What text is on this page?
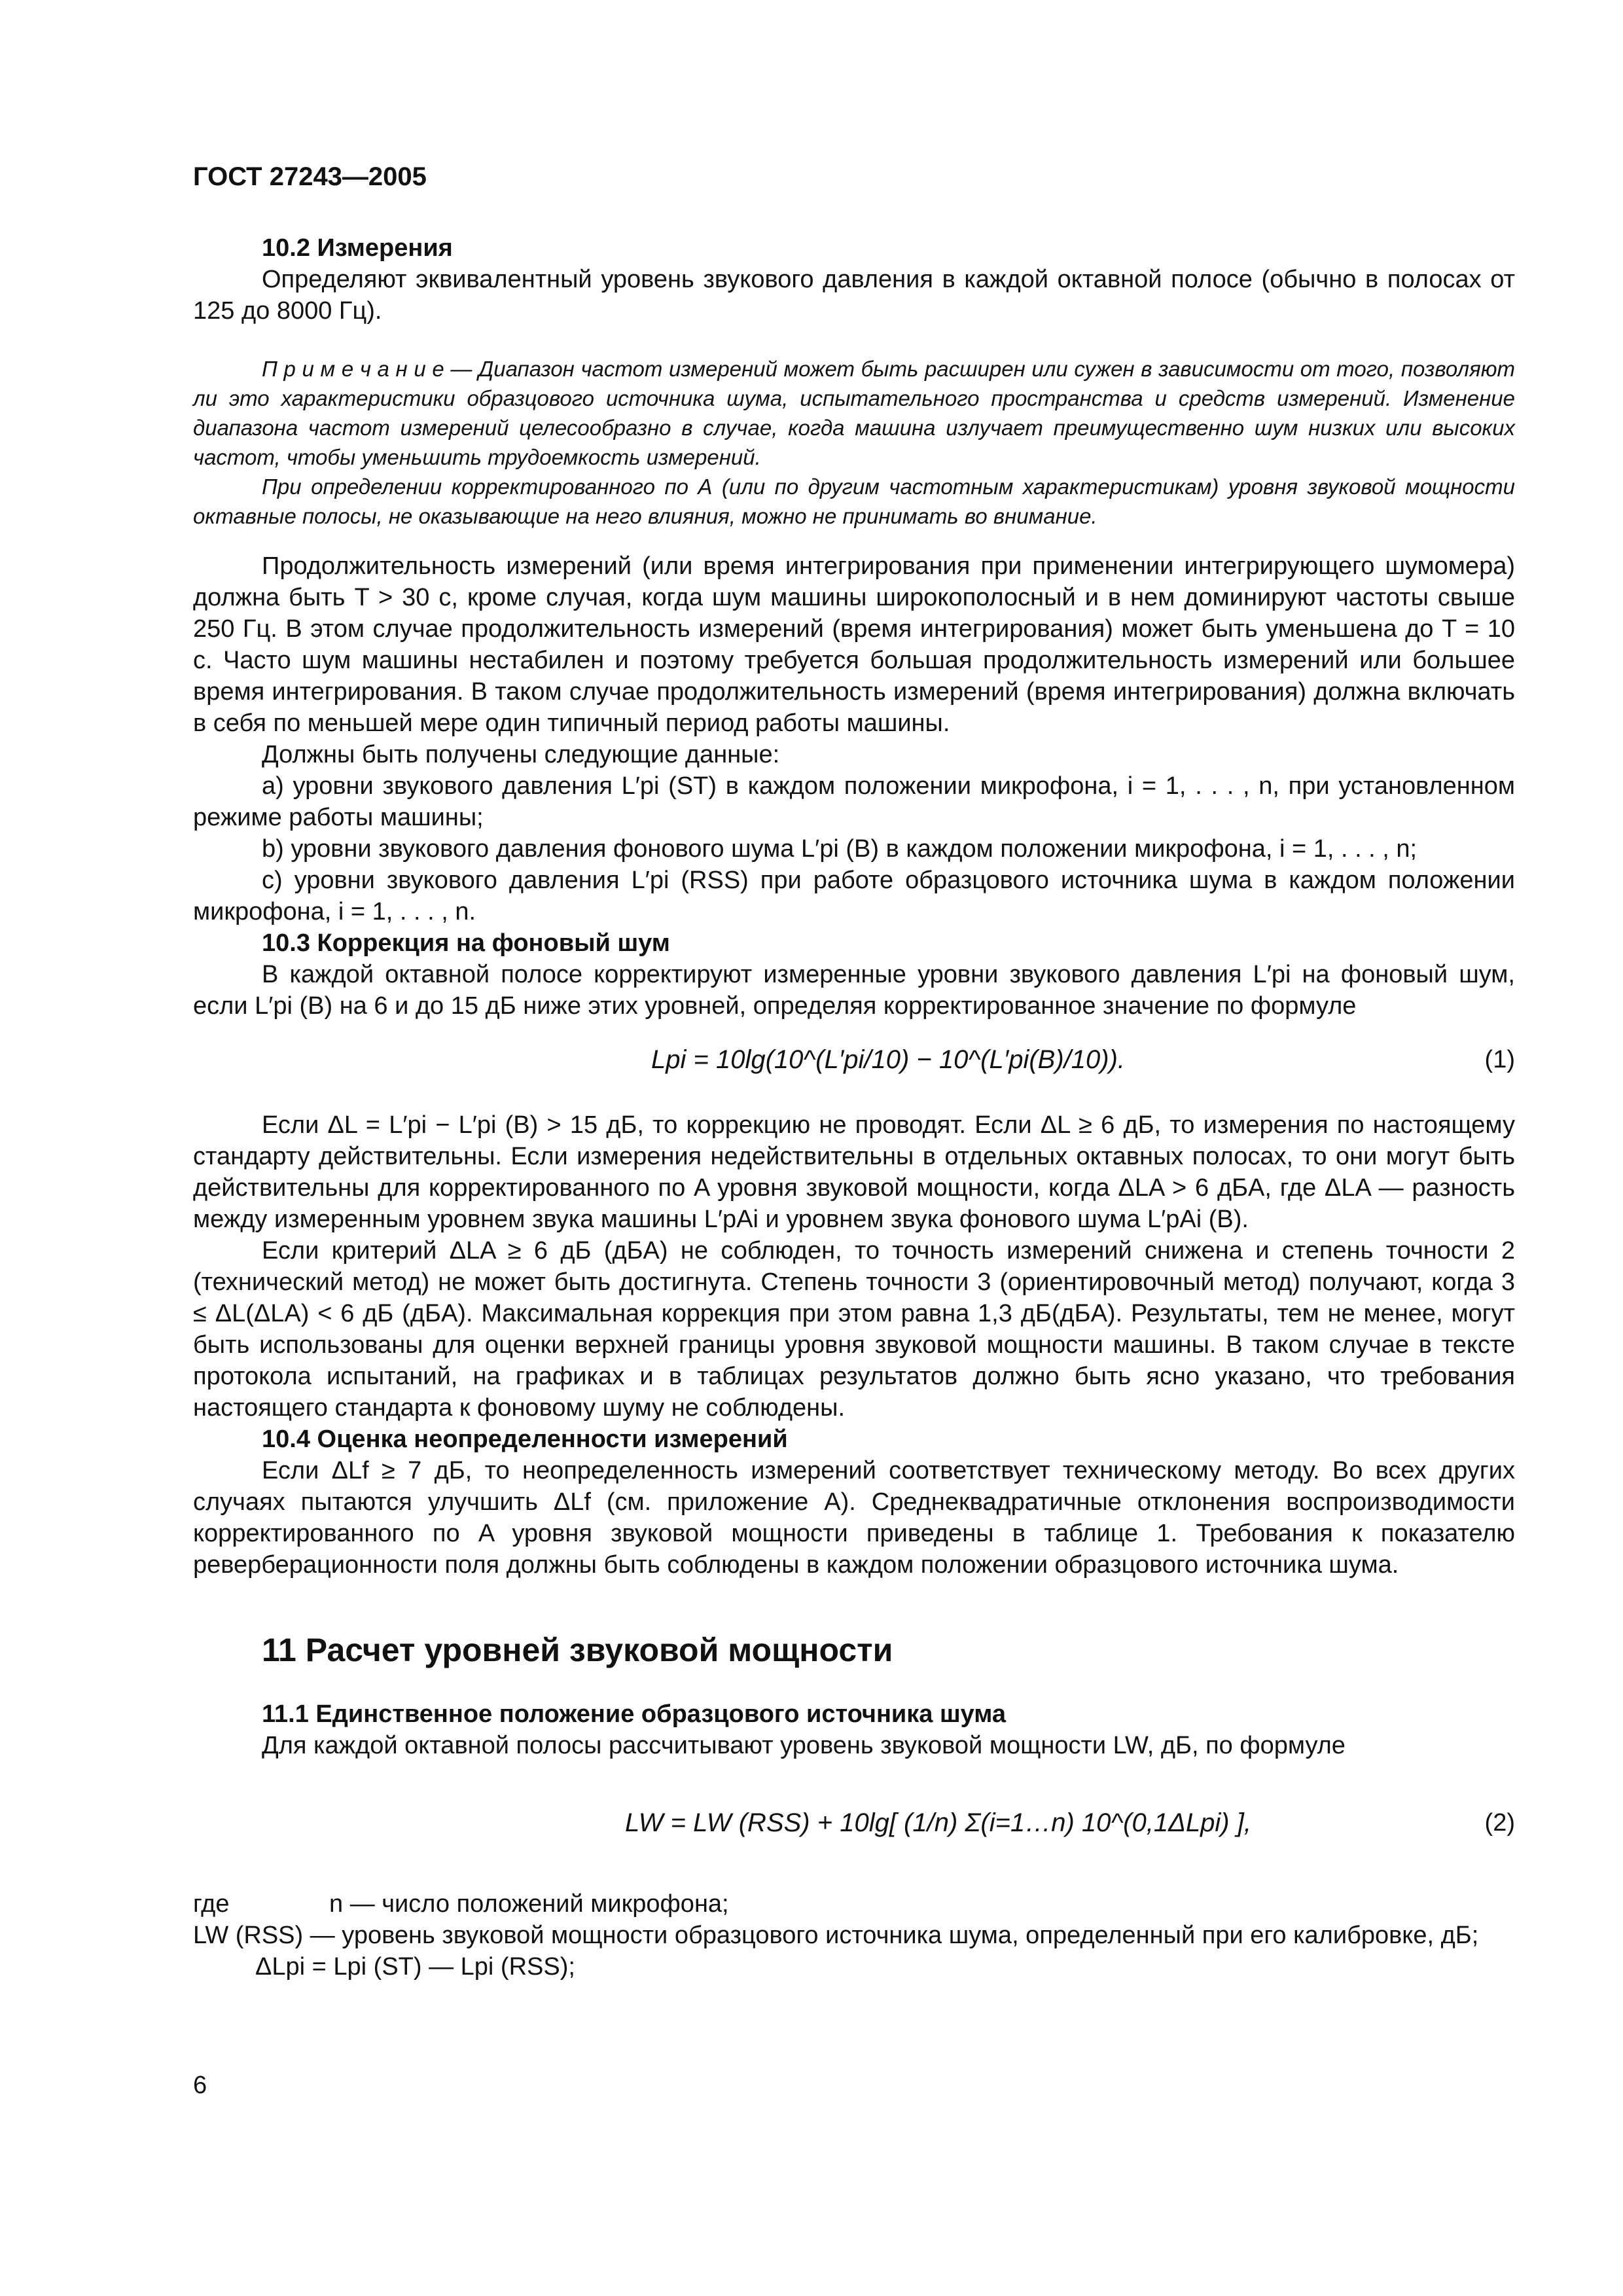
ГОСТ 27243—2005

10.2 Измерения

Определяют эквивалентный уровень звукового давления в каждой октавной полосе (обычно в полосах от 125 до 8000 Гц).

П р и м е ч а н и е — Диапазон частот измерений может быть расширен или сужен в зависимости от того, позволяют ли это характеристики образцового источника шума, испытательного пространства и средств измерений. Изменение диапазона частот измерений целесообразно в случае, когда машина излучает преимущественно шум низких или высоких частот, чтобы уменьшить трудоемкость измерений.

При определении корректированного по А (или по другим частотным характеристикам) уровня звуковой мощности октавные полосы, не оказывающие на него влияния, можно не принимать во внимание.

Продолжительность измерений (или время интегрирования при применении интегрирующего шумомера) должна быть T > 30 с, кроме случая, когда шум машины широкополосный и в нем доминируют частоты свыше 250 Гц. В этом случае продолжительность измерений (время интегрирования) может быть уменьшена до T = 10 с. Часто шум машины нестабилен и поэтому требуется большая продолжительность измерений или большее время интегрирования. В таком случае продолжительность измерений (время интегрирования) должна включать в себя по меньшей мере один типичный период работы машины.

Должны быть получены следующие данные:

a) уровни звукового давления L′pi (ST) в каждом положении микрофона, i = 1, . . . , n, при установленном режиме работы машины;

b) уровни звукового давления фонового шума L′pi (B) в каждом положении микрофона, i = 1, . . . , n;

c) уровни звукового давления L′pi (RSS) при работе образцового источника шума в каждом положении микрофона, i = 1, . . . , n.

10.3 Коррекция на фоновый шум

В каждой октавной полосе корректируют измеренные уровни звукового давления L′pi на фоновый шум, если L′pi (B) на 6 и до 15 дБ ниже этих уровней, определяя корректированное значение по формуле

Lpi = 10lg(10^(L′pi/10) − 10^(L′pi(B)/10)).	(1)

Если ΔL = L′pi − L′pi (B) > 15 дБ, то коррекцию не проводят. Если ΔL ≥ 6 дБ, то измерения по настоящему стандарту действительны. Если измерения недействительны в отдельных октавных полосах, то они могут быть действительны для корректированного по A уровня звуковой мощности, когда ΔLA > 6 дБA, где ΔLA — разность между измеренным уровнем звука машины L′pAi и уровнем звука фонового шума L′pAi (B).

Если критерий ΔLA ≥ 6 дБ (дБA) не соблюден, то точность измерений снижена и степень точности 2 (технический метод) не может быть достигнута. Степень точности 3 (ориентировочный метод) получают, когда 3 ≤ ΔL(ΔLA) < 6 дБ (дБA). Максимальная коррекция при этом равна 1,3 дБ(дБA). Результаты, тем не менее, могут быть использованы для оценки верхней границы уровня звуковой мощности машины. В таком случае в тексте протокола испытаний, на графиках и в таблицах результатов должно быть ясно указано, что требования настоящего стандарта к фоновому шуму не соблюдены.

10.4 Оценка неопределенности измерений

Если ΔLf ≥ 7 дБ, то неопределенность измерений соответствует техническому методу. Во всех других случаях пытаются улучшить ΔLf (см. приложение A). Среднеквадратичные отклонения воспроизводимости корректированного по A уровня звуковой мощности приведены в таблице 1. Требования к показателю реверберационности поля должны быть соблюдены в каждом положении образцового источника шума.

11 Расчет уровней звуковой мощности

11.1 Единственное положение образцового источника шума

Для каждой октавной полосы рассчитывают уровень звуковой мощности LW, дБ, по формуле

LW = LW (RSS) + 10lg[ (1/n) Σ(i=1…n) 10^(0,1ΔLpi) ],	(2)
где	n — число положений микрофона;
LW (RSS) — уровень звуковой мощности образцового источника шума, определенный при его калибровке, дБ;
ΔLpi = Lpi (ST) — Lpi (RSS);
6
